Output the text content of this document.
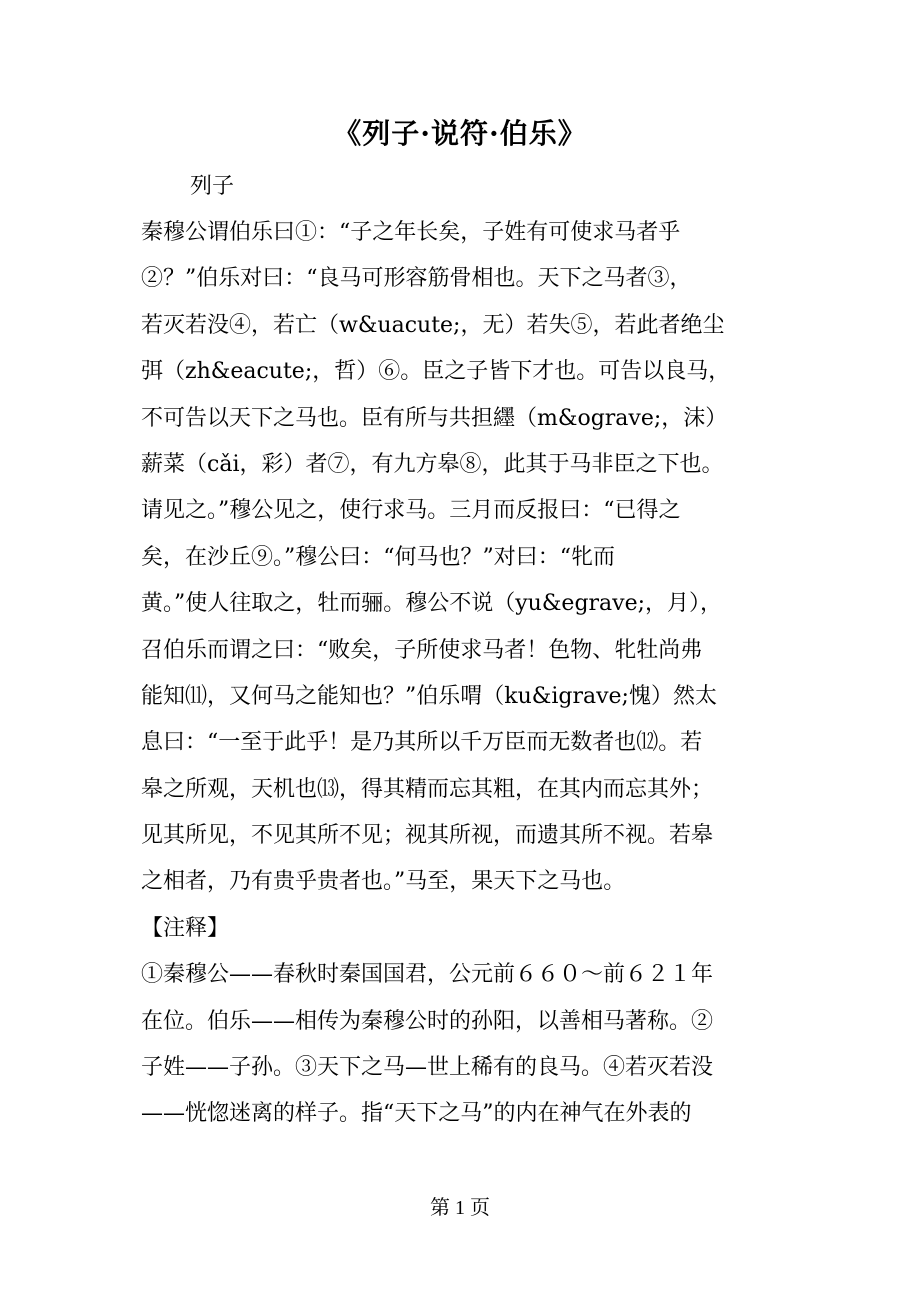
《列子·说符·伯乐》
列子
秦穆公谓伯乐曰①：“子之年长矣，子姓有可使求马者乎
②？”伯乐对曰：“良马可形容筋骨相也。天下之马者③，
若灭若没④，若亡（w&uacute;，无）若失⑤，若此者绝尘
弭（zh&eacute;，哲）⑥。臣之子皆下才也。可告以良马，
不可告以天下之马也。臣有所与共担纆（m&ograve;，沫）
薪菜（cǎi，彩）者⑦，有九方皋⑧，此其于马非臣之下也。
请见之。”穆公见之，使行求马。三月而反报曰：“已得之
矣，在沙丘⑨。”穆公曰：“何马也？”对曰：“牝而
黄。”使人往取之，牡而骊。穆公不说（yu&egrave;，月），
召伯乐而谓之曰：“败矣，子所使求马者！色物、牝牡尚弗
能知⑾，又何马之能知也？”伯乐喟（ku&igrave;愧）然太
息曰：“一至于此乎！是乃其所以千万臣而无数者也⑿。若
皋之所观，天机也⒀，得其精而忘其粗，在其内而忘其外；
见其所见，不见其所不见；视其所视，而遗其所不视。若皋
之相者，乃有贵乎贵者也。”马至，果天下之马也。
【注释】
①秦穆公——春秋时秦国国君，公元前６６０～前６２１年
在位。伯乐——相传为秦穆公时的孙阳，以善相马著称。②
子姓——子孙。③天下之马—世上稀有的良马。④若灭若没
——恍惚迷离的样子。指“天下之马”的内在神气在外表的
第 1 页
